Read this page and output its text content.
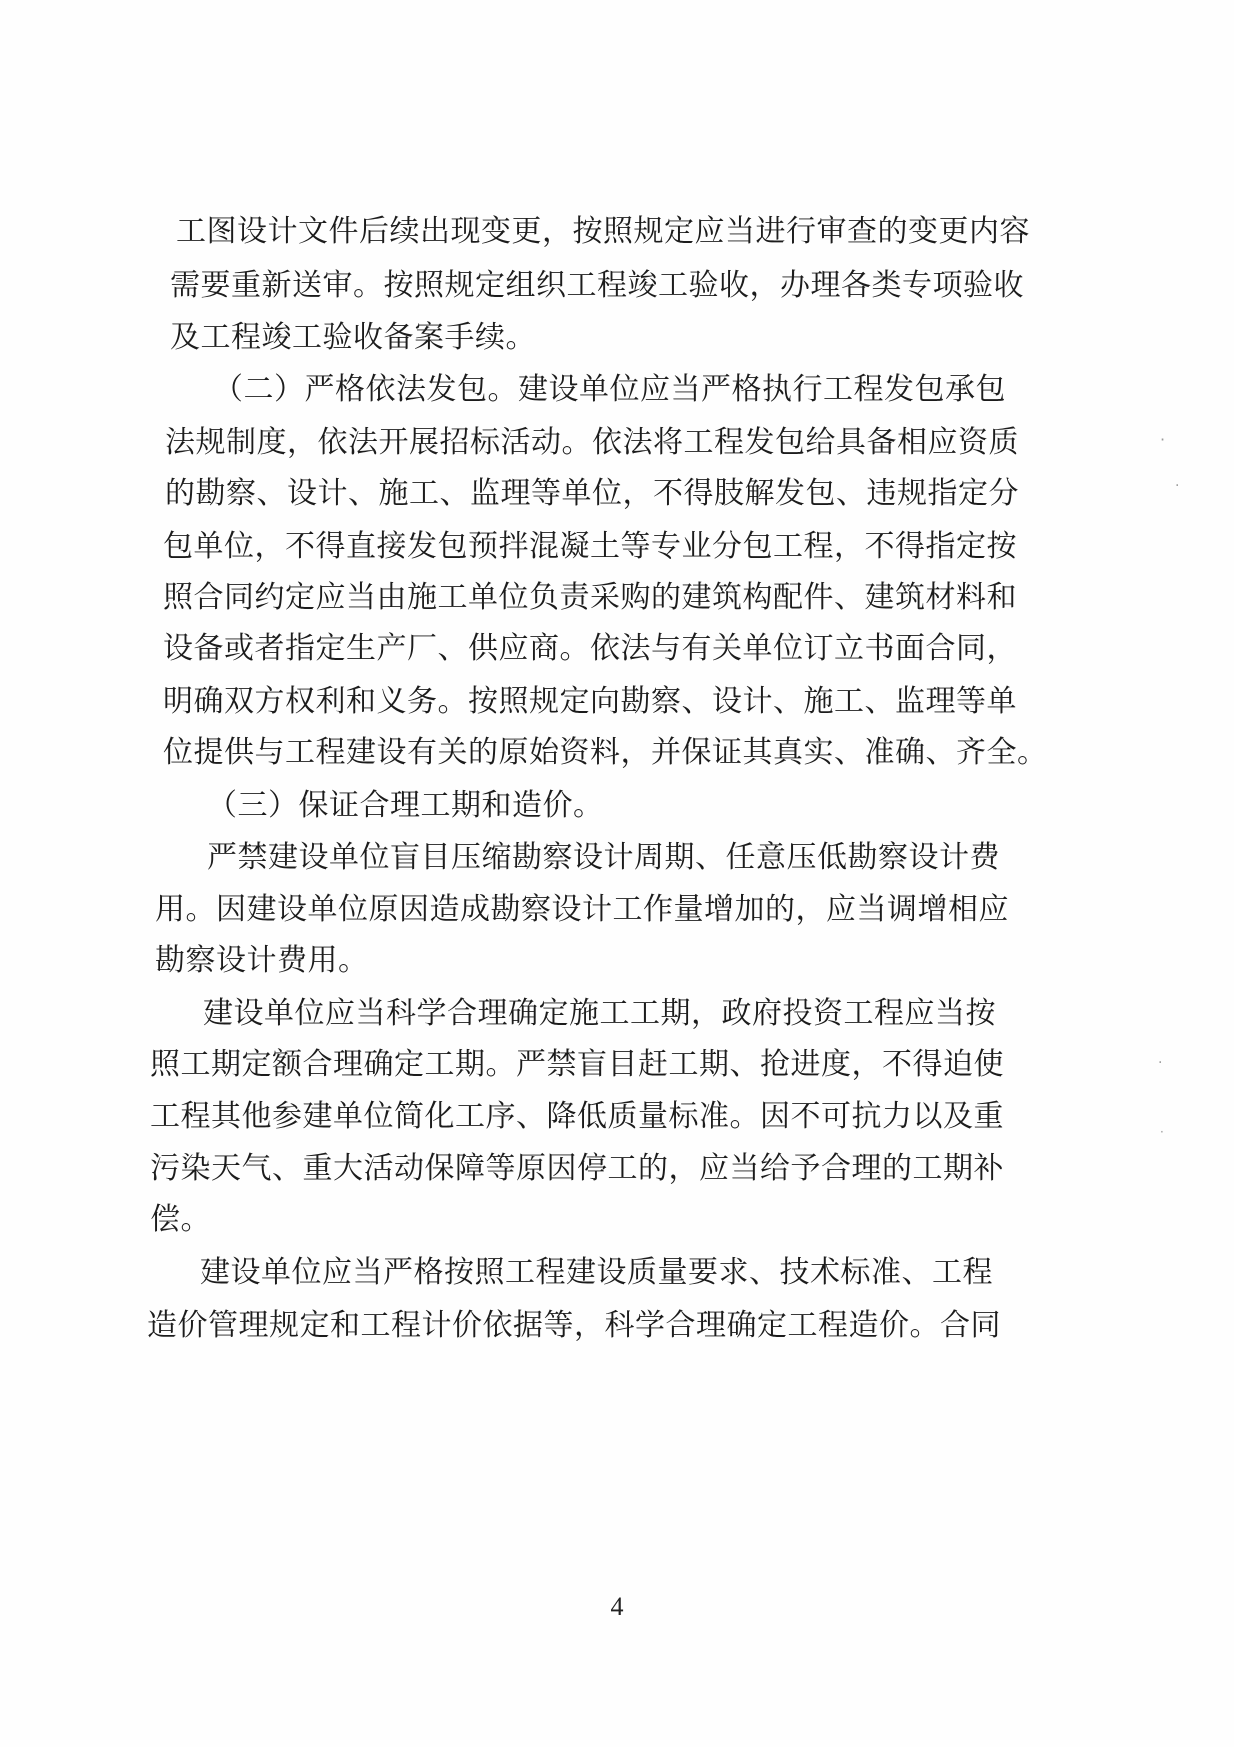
工图设计文件后续出现变更，按照规定应当进行审查的变更内容
需要重新送审。按照规定组织工程竣工验收，办理各类专项验收
及工程竣工验收备案手续。
（二）严格依法发包。建设单位应当严格执行工程发包承包
法规制度，依法开展招标活动。依法将工程发包给具备相应资质
的勘察、设计、施工、监理等单位，不得肢解发包、违规指定分
包单位，不得直接发包预拌混凝土等专业分包工程，不得指定按
照合同约定应当由施工单位负责采购的建筑构配件、建筑材料和
设备或者指定生产厂、供应商。依法与有关单位订立书面合同，
明确双方权利和义务。按照规定向勘察、设计、施工、监理等单
位提供与工程建设有关的原始资料，并保证其真实、准确、齐全。
（三）保证合理工期和造价。
严禁建设单位盲目压缩勘察设计周期、任意压低勘察设计费
用。因建设单位原因造成勘察设计工作量增加的，应当调增相应
勘察设计费用。
建设单位应当科学合理确定施工工期，政府投资工程应当按
照工期定额合理确定工期。严禁盲目赶工期、抢进度，不得迫使
工程其他参建单位简化工序、降低质量标准。因不可抗力以及重
污染天气、重大活动保障等原因停工的，应当给予合理的工期补
偿。
建设单位应当严格按照工程建设质量要求、技术标准、工程
造价管理规定和工程计价依据等，科学合理确定工程造价。合同
4
·
·
·
·
